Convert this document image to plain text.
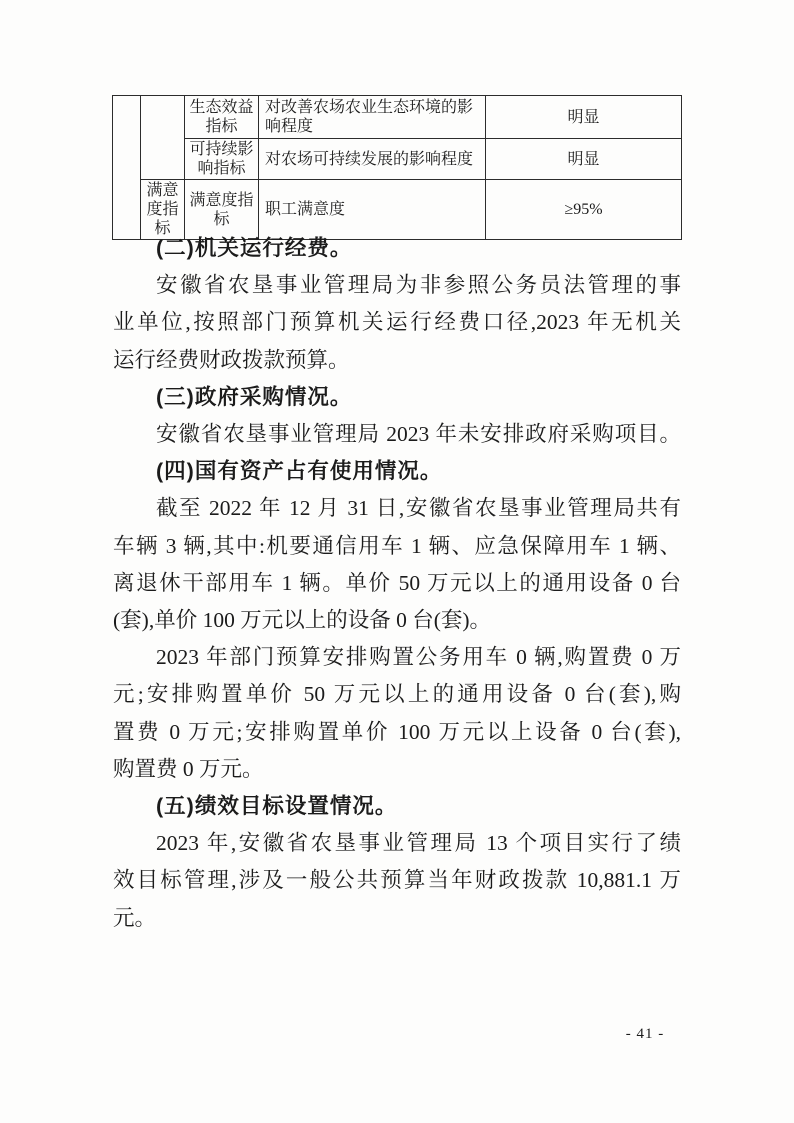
		生态效益指标	对改善农场农业生态环境的影响程度	明显
		可持续影响指标	对农场可持续发展的影响程度	明显
	满意度指标	满意度指标	职工满意度	≥95%
(二)机关运行经费。
安徽省农垦事业管理局为非参照公务员法管理的事
业单位,按照部门预算机关运行经费口径,2023 年无机关
运行经费财政拨款预算。
(三)政府采购情况。
安徽省农垦事业管理局 2023 年未安排政府采购项目。
(四)国有资产占有使用情况。
截至 2022 年 12 月 31 日,安徽省农垦事业管理局共有
车辆 3 辆,其中:机要通信用车 1 辆、应急保障用车 1 辆、
离退休干部用车 1 辆。单价 50 万元以上的通用设备 0 台
(套),单价 100 万元以上的设备 0 台(套)。
2023 年部门预算安排购置公务用车 0 辆,购置费 0 万
元;安排购置单价 50 万元以上的通用设备 0 台(套),购
置费 0 万元;安排购置单价 100 万元以上设备 0 台(套),
购置费 0 万元。
(五)绩效目标设置情况。
2023 年,安徽省农垦事业管理局 13 个项目实行了绩
效目标管理,涉及一般公共预算当年财政拨款 10,881.1 万
元。
- 41 -
